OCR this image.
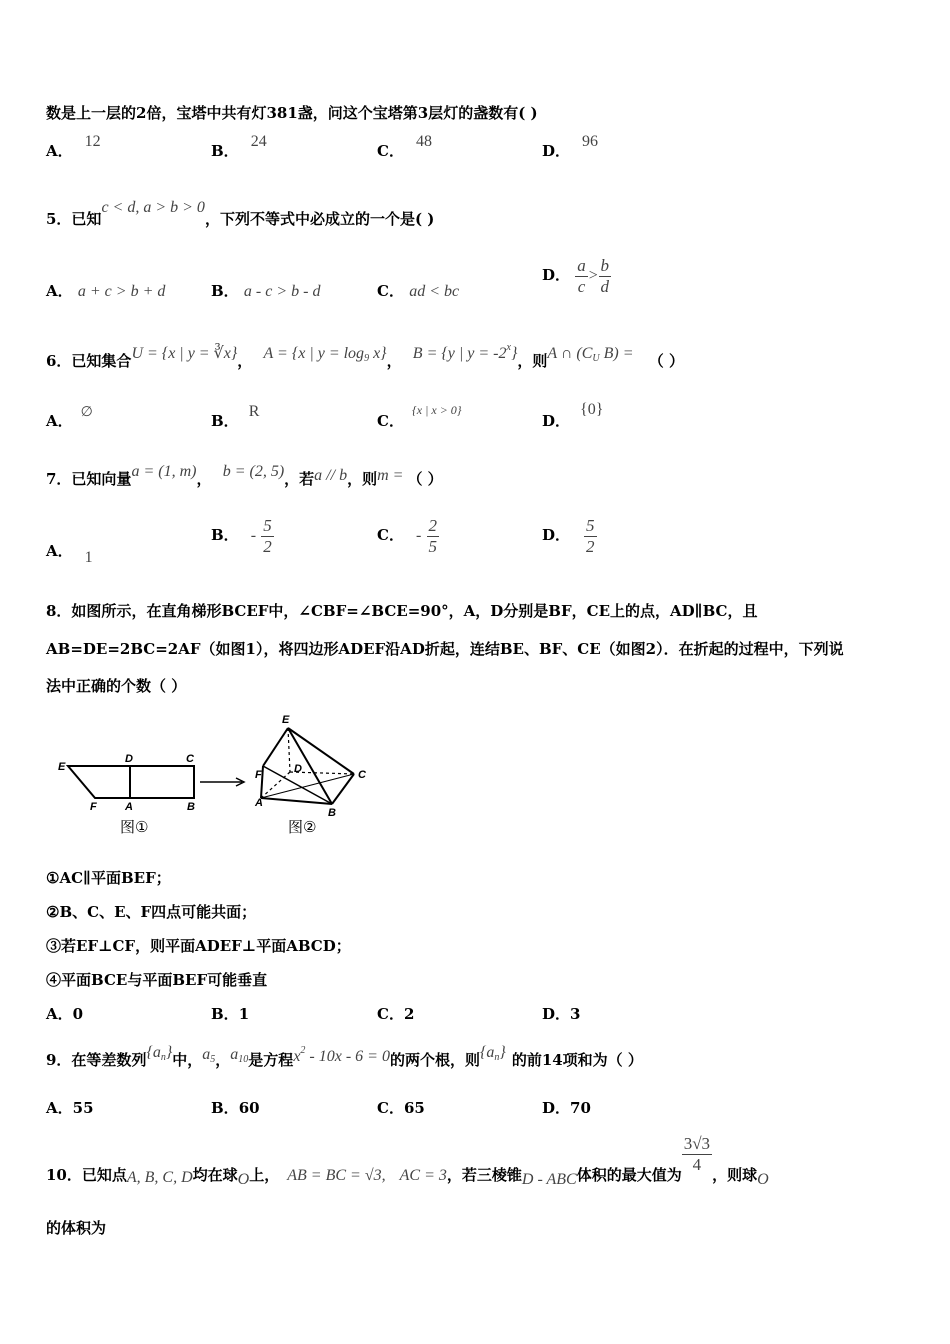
数是上一层的2倍，宝塔中共有灯381盏，问这个宝塔第3层灯的盏数有( )
A．12
B．24
C．48
D．96
5．已知c < d, a > b > 0，下列不等式中必成立的一个是( )
A． a + c > b + d	B． a - c > b - d	C． ad < bc
D． $\frac{a}{c} > \frac{b}{d}$
6．已知集合U = {x | y = ∛x}， A = {x | $y = \log_9 x$}， B = {y | $y = -2^x$}，则A ∩ ($C_U$ B) = （ ）
A． ∅	B．R
C．$^{\{x | x > 0\}}$
D．{0}
7．已知向量a = (1, m)， b = (2, 5)，若a // b，则m = （ ）
A． 1
B． - $\frac{5}{2}$	C． - $\frac{2}{5}$	D． $\frac{5}{2}$
8．如图所示，在直角梯形BCEF中，∠CBF=∠BCE=90°，A，D分别是BF，CE上的点，AD∥BC，且
AB=DE=2BC=2AF（如图1），将四边形ADEF沿AD折起，连结BE、BF、CE（如图2）．在折起的过程中，下列说
法中正确的个数（ ）
E
D	C
F	A	B
E
F	D	C
A
B
图①	图②
①AC∥平面BEF；
②B、C、E、F四点可能共面；
③若EF⊥CF，则平面ADEF⊥平面ABCD；
④平面BCE与平面BEF可能垂直
A．0	B．1	C．2	D．3
9．在等差数列$\{a_n\}$中，$a_5$，$a_{10}$是方程$x^2 - 10x - 6 = 0$的两个根，则$\{a_n\}$ 的前14项和为（ ）
A．55	B．60	C．65	D．70
10．已知点A, B, C, D均在球O上， AB = BC = √3, AC = 3，若三棱锥D - ABC体积的最大值为
$\frac{3√3}{4}$
，则球O
的体积为
